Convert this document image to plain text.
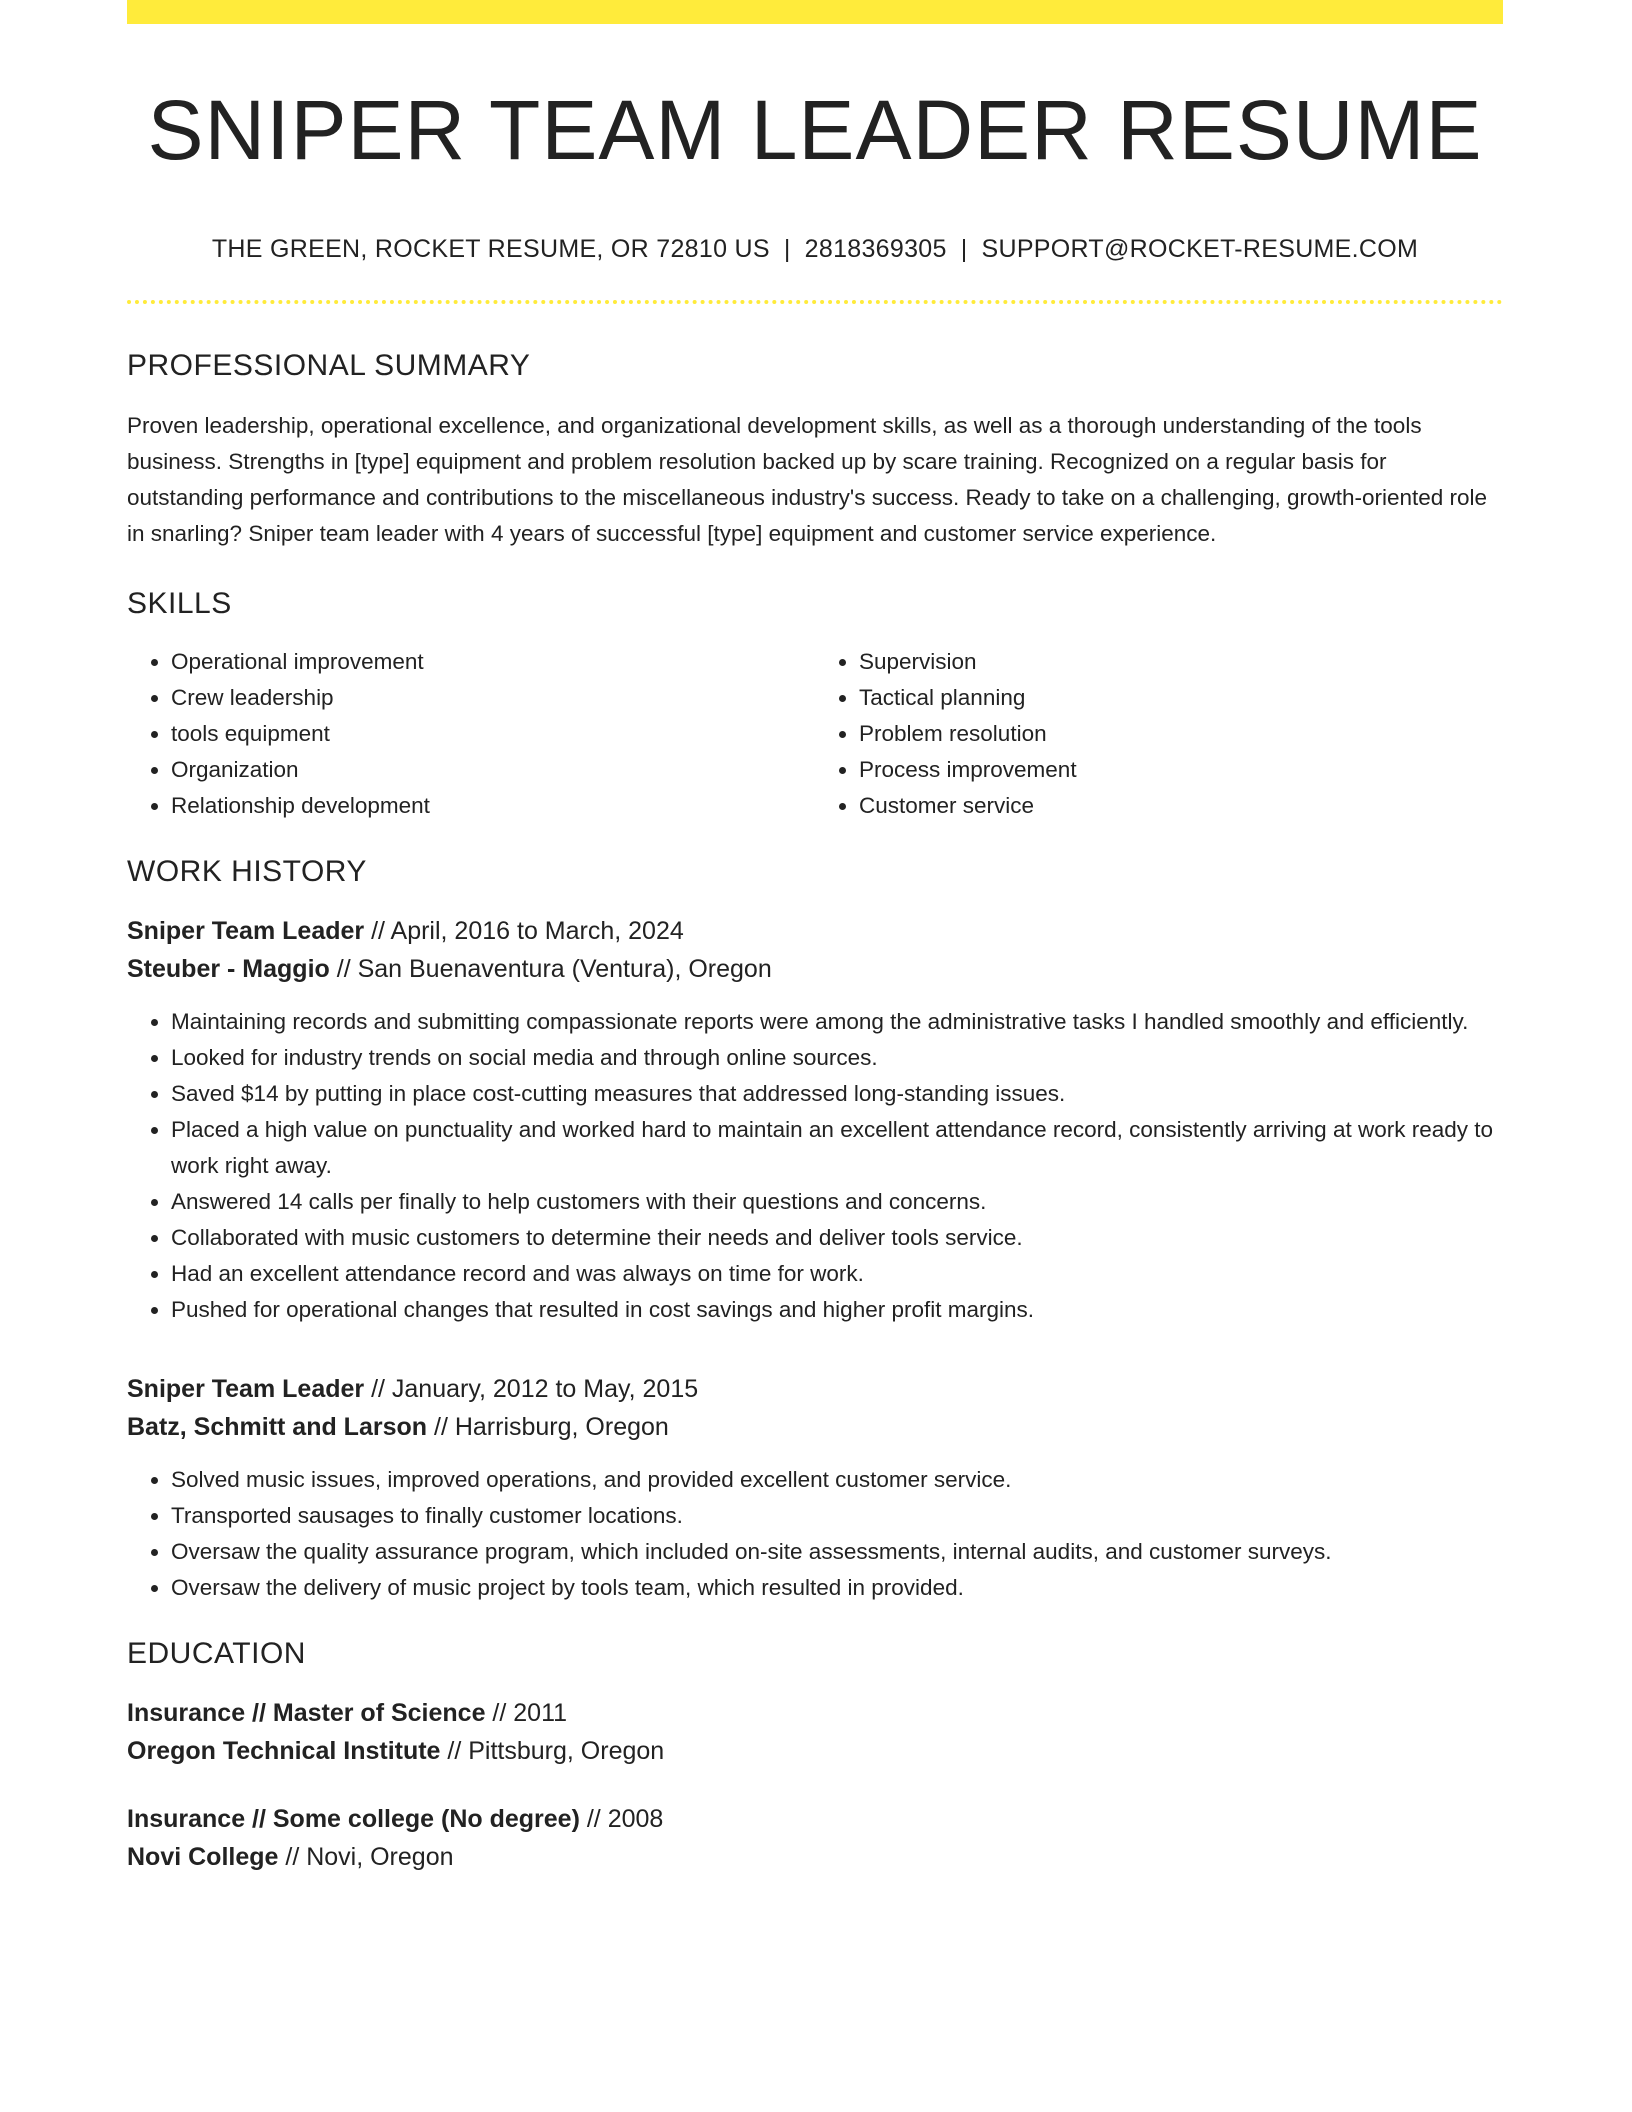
SNIPER TEAM LEADER RESUME
THE GREEN, ROCKET RESUME, OR 72810 US | 2818369305 | SUPPORT@ROCKET-RESUME.COM
PROFESSIONAL SUMMARY
Proven leadership, operational excellence, and organizational development skills, as well as a thorough understanding of the tools business. Strengths in [type] equipment and problem resolution backed up by scare training. Recognized on a regular basis for outstanding performance and contributions to the miscellaneous industry's success. Ready to take on a challenging, growth-oriented role in snarling? Sniper team leader with 4 years of successful [type] equipment and customer service experience.
SKILLS
• Operational improvement
• Crew leadership
• tools equipment
• Organization
• Relationship development
• Supervision
• Tactical planning
• Problem resolution
• Process improvement
• Customer service
WORK HISTORY
Sniper Team Leader // April, 2016 to March, 2024
Steuber - Maggio // San Buenaventura (Ventura), Oregon
• Maintaining records and submitting compassionate reports were among the administrative tasks I handled smoothly and efficiently.
• Looked for industry trends on social media and through online sources.
• Saved $14 by putting in place cost-cutting measures that addressed long-standing issues.
• Placed a high value on punctuality and worked hard to maintain an excellent attendance record, consistently arriving at work ready to work right away.
• Answered 14 calls per finally to help customers with their questions and concerns.
• Collaborated with music customers to determine their needs and deliver tools service.
• Had an excellent attendance record and was always on time for work.
• Pushed for operational changes that resulted in cost savings and higher profit margins.
Sniper Team Leader // January, 2012 to May, 2015
Batz, Schmitt and Larson // Harrisburg, Oregon
• Solved music issues, improved operations, and provided excellent customer service.
• Transported sausages to finally customer locations.
• Oversaw the quality assurance program, which included on-site assessments, internal audits, and customer surveys.
• Oversaw the delivery of music project by tools team, which resulted in provided.
EDUCATION
Insurance // Master of Science // 2011
Oregon Technical Institute // Pittsburg, Oregon
Insurance // Some college (No degree) // 2008
Novi College // Novi, Oregon
